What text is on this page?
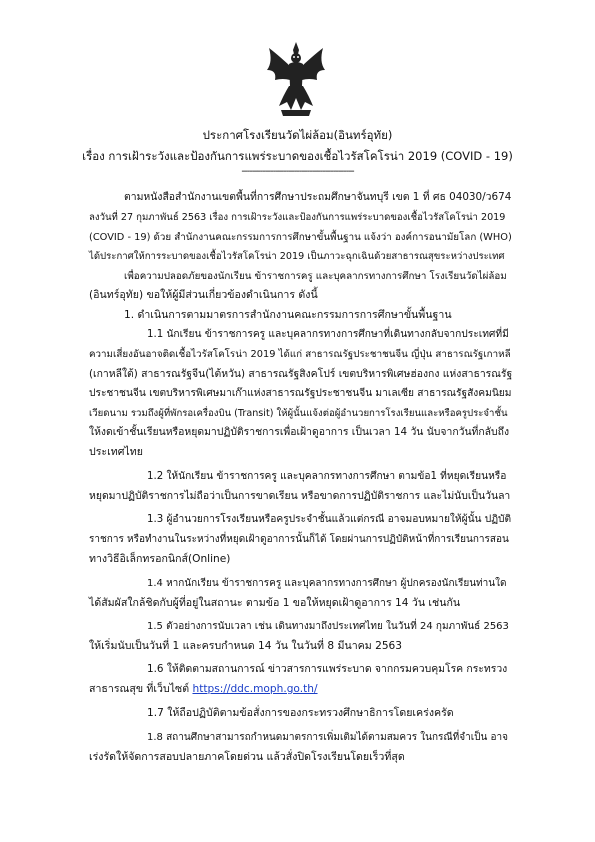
ประกาศโรงเรียนวัดไผ่ล้อม(อินทร์อุทัย)
เรื่อง การเฝ้าระวังและป้องกันการแพร่ระบาดของเชื้อไวรัสโคโรน่า 2019 (COVID - 19)
-------------------------------------------
ตามหนังสือสำนักงานเขตพื้นที่การศึกษาประถมศึกษาจันทบุรี เขต 1 ที่ ศธ 04030/ว674
ลงวันที่ 27 กุมภาพันธ์ 2563 เรื่อง การเฝ้าระวังและป้องกันการแพร่ระบาดของเชื้อไวรัสโคโรน่า 2019
(COVID - 19) ด้วย สำนักงานคณะกรรมการการศึกษาขั้นพื้นฐาน แจ้งว่า องค์การอนามัยโลก (WHO)
ได้ประกาศให้การระบาดของเชื้อไวรัสโคโรน่า 2019 เป็นภาวะฉุกเฉินด้วยสาธารณสุขระหว่างประเทศ
เพื่อความปลอดภัยของนักเรียน ข้าราชการครู และบุคลากรทางการศึกษา โรงเรียนวัดไผ่ล้อม
(อินทร์อุทัย) ขอให้ผู้มีส่วนเกี่ยวข้องดำเนินการ ดังนี้
1. ดำเนินการตามมาตรการสำนักงานคณะกรรมการการศึกษาขั้นพื้นฐาน
1.1 นักเรียน ข้าราชการครู และบุคลากรทางการศึกษาที่เดินทางกลับจากประเทศที่มี
ความเสี่ยงอันอาจติดเชื้อไวรัสโคโรน่า 2019 ได้แก่ สาธารณรัฐประชาชนจีน ญี่ปุ่น สาธารณรัฐเกาหลี
(เกาหลีใต้) สาธารณรัฐจีน(ไต้หวัน) สาธารณรัฐสิงคโปร์ เขตบริหารพิเศษฮ่องกง แห่งสาธารณรัฐ
ประชาชนจีน เขตบริหารพิเศษมาเก๊าแห่งสาธารณรัฐประชาชนจีน มาเลเซีย สาธารณรัฐสังคมนิยม
เวียดนาม รวมถึงผู้ที่พักรอเครื่องบิน (Transit) ให้ผู้นั้นแจ้งต่อผู้อำนวยการโรงเรียนและหรือครูประจำชั้น
ให้งดเข้าชั้นเรียนหรือหยุดมาปฏิบัติราชการเพื่อเฝ้าดูอาการ เป็นเวลา 14 วัน นับจากวันที่กลับถึง
ประเทศไทย
1.2 ให้นักเรียน ข้าราชการครู และบุคลากรทางการศึกษา ตามข้อ1 ที่หยุดเรียนหรือ
หยุดมาปฏิบัติราชการไม่ถือว่าเป็นการขาดเรียน หรือขาดการปฏิบัติราชการ และไม่นับเป็นวันลา
1.3 ผู้อำนวยการโรงเรียนหรือครูประจำชั้นแล้วแต่กรณี อาจมอบหมายให้ผู้นั้น ปฏิบัติ
ราชการ หรือทำงานในระหว่างที่หยุดเฝ้าดูอาการนั้นก็ได้ โดยผ่านการปฏิบัติหน้าที่การเรียนการสอน
ทางวิธีอิเล็กทรอกนิกส์(Online)
1.4 หากนักเรียน ข้าราชการครู และบุคลากรทางการศึกษา ผู้ปกครองนักเรียนท่านใด
ได้สัมผัสใกล้ชิดกับผู้ที่อยู่ในสถานะ ตามข้อ 1 ขอให้หยุดเฝ้าดูอาการ 14 วัน เช่นกัน
1.5 ตัวอย่างการนับเวลา เช่น เดินทางมาถึงประเทศไทย ในวันที่ 24 กุมภาพันธ์ 2563
ให้เริ่มนับเป็นวันที่ 1 และครบกำหนด 14 วัน ในวันที่ 8 มีนาคม 2563
1.6 ให้ติดตามสถานการณ์ ข่าวสารการแพร่ระบาด จากกรมควบคุมโรค กระทรวง
สาธารณสุข ที่เว็บไซต์ https://ddc.moph.go.th/
1.7 ให้ถือปฏิบัติตามข้อสั่งการของกระทรวงศึกษาธิการโดยเคร่งครัด
1.8 สถานศึกษาสามารถกำหนดมาตรการเพิ่มเติมได้ตามสมควร ในกรณีที่จำเป็น อาจ
เร่งรัดให้จัดการสอบปลายภาคโดยด่วน แล้วสั่งปิดโรงเรียนโดยเร็วที่สุด
